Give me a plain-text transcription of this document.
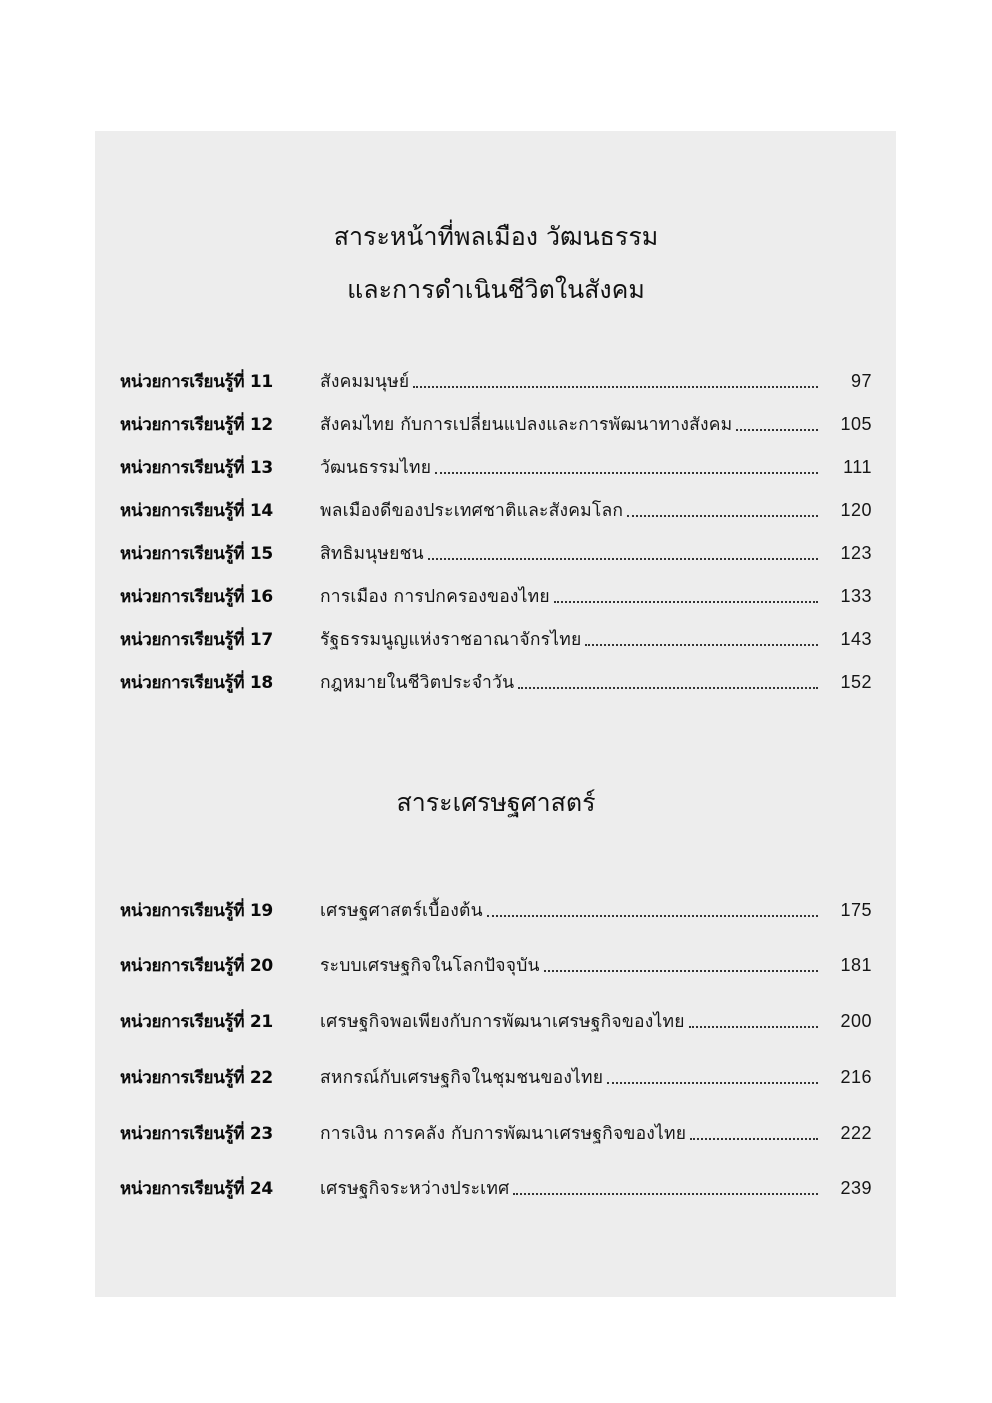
สาระหน้าที่พลเมือง วัฒนธรรม
และการดำเนินชีวิตในสังคม
หน่วยการเรียนรู้ที่ 11	สังคมมนุษย์	97
หน่วยการเรียนรู้ที่ 12	สังคมไทย กับการเปลี่ยนแปลงและการพัฒนาทางสังคม	105
หน่วยการเรียนรู้ที่ 13	วัฒนธรรมไทย	111
หน่วยการเรียนรู้ที่ 14	พลเมืองดีของประเทศชาติและสังคมโลก	120
หน่วยการเรียนรู้ที่ 15	สิทธิมนุษยชน	123
หน่วยการเรียนรู้ที่ 16	การเมือง การปกครองของไทย	133
หน่วยการเรียนรู้ที่ 17	รัฐธรรมนูญแห่งราชอาณาจักรไทย	143
หน่วยการเรียนรู้ที่ 18	กฎหมายในชีวิตประจำวัน	152
สาระเศรษฐศาสตร์
หน่วยการเรียนรู้ที่ 19	เศรษฐศาสตร์เบื้องต้น	175
หน่วยการเรียนรู้ที่ 20	ระบบเศรษฐกิจในโลกปัจจุบัน	181
หน่วยการเรียนรู้ที่ 21	เศรษฐกิจพอเพียงกับการพัฒนาเศรษฐกิจของไทย	200
หน่วยการเรียนรู้ที่ 22	สหกรณ์กับเศรษฐกิจในชุมชนของไทย	216
หน่วยการเรียนรู้ที่ 23	การเงิน การคลัง กับการพัฒนาเศรษฐกิจของไทย	222
หน่วยการเรียนรู้ที่ 24	เศรษฐกิจระหว่างประเทศ	239
